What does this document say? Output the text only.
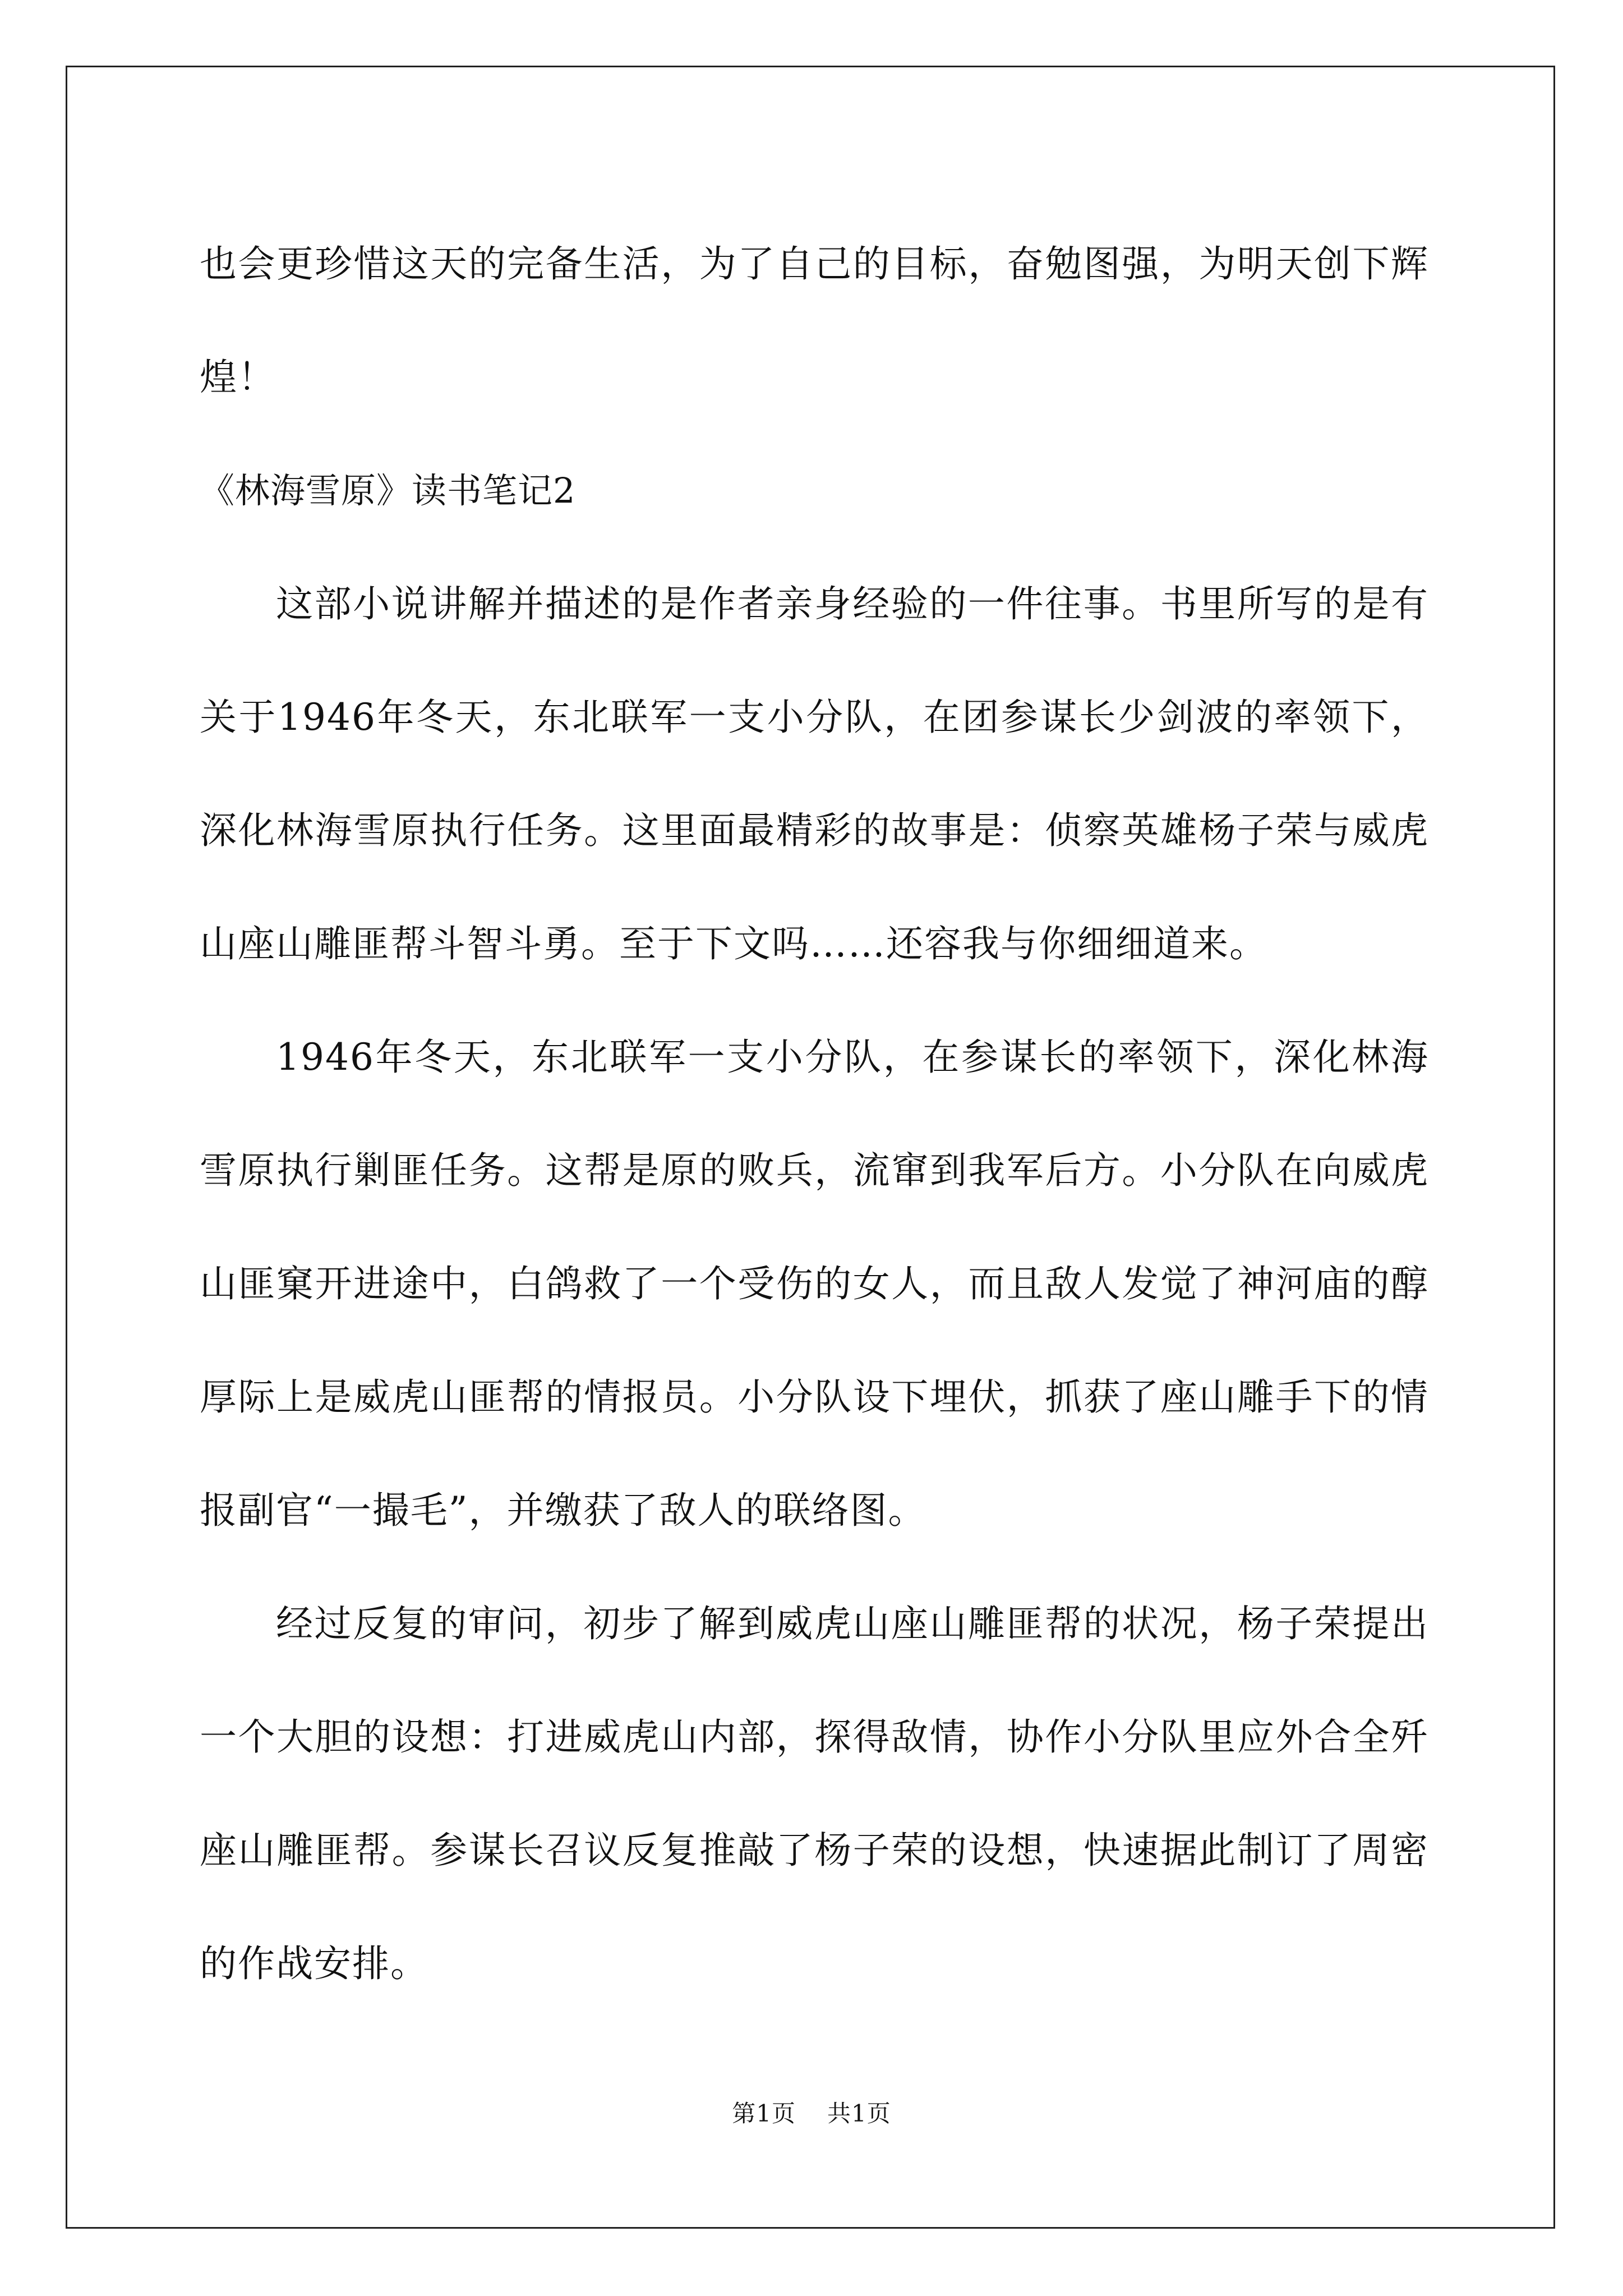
也会更珍惜这天的完备生活，为了自己的目标，奋勉图强，为明天创下辉煌！

《林海雪原》读书笔记2

这部小说讲解并描述的是作者亲身经验的一件往事。书里所写的是有关于1946年冬天，东北联军一支小分队，在团参谋长少剑波的率领下，深化林海雪原执行任务。这里面最精彩的故事是：侦察英雄杨子荣与威虎山座山雕匪帮斗智斗勇。至于下文吗……还容我与你细细道来。

1946年冬天，东北联军一支小分队，在参谋长的率领下，深化林海雪原执行剿匪任务。这帮是原的败兵，流窜到我军后方。小分队在向威虎山匪窠开进途中，白鸽救了一个受伤的女人，而且敌人发觉了神河庙的醇厚际上是威虎山匪帮的情报员。小分队设下埋伏，抓获了座山雕手下的情报副官“一撮毛”，并缴获了敌人的联络图。

经过反复的审问，初步了解到威虎山座山雕匪帮的状况，杨子荣提出一个大胆的设想：打进威虎山内部，探得敌情，协作小分队里应外合全歼座山雕匪帮。参谋长召议反复推敲了杨子荣的设想，快速据此制订了周密的作战安排。

第1页 共1页
